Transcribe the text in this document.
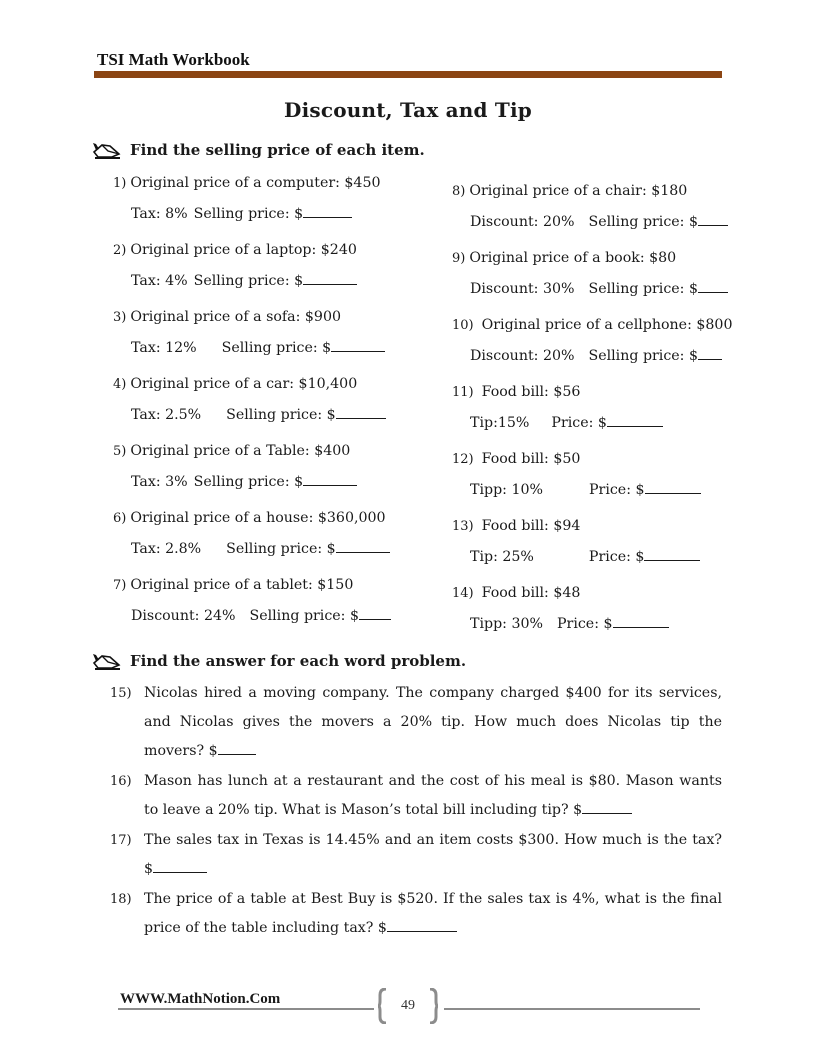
TSI Math Workbook
Discount, Tax and Tip
Find the selling price of each item.
1) Original price of a computer: $450
Tax: 8% Selling price: $
2) Original price of a laptop: $240
Tax: 4% Selling price: $
3) Original price of a sofa: $900
Tax: 12% Selling price: $
4) Original price of a car: $10,400
Tax: 2.5% Selling price: $
5) Original price of a Table: $400
Tax: 3% Selling price: $
6) Original price of a house: $360,000
Tax: 2.8% Selling price: $
7) Original price of a tablet: $150
Discount: 24% Selling price: $
8) Original price of a chair: $180
Discount: 20% Selling price: $
9) Original price of a book: $80
Discount: 30% Selling price: $
10) Original price of a cellphone: $800
Discount: 20% Selling price: $
11) Food bill: $56
Tip:15% Price: $
12) Food bill: $50
Tipp: 10%	Price: $
13) Food bill: $94
Tip: 25%	Price: $
14) Food bill: $48
Tipp: 30% Price: $
Find the answer for each word problem.
15) Nicolas hired a moving company. The company charged $400 for its services, and Nicolas gives the movers a 20% tip. How much does Nicolas tip the movers? $
16) Mason has lunch at a restaurant and the cost of his meal is $80. Mason wants to leave a 20% tip. What is Mason’s total bill including tip? $
17) The sales tax in Texas is 14.45% and an item costs $300. How much is the tax? $
18) The price of a table at Best Buy is $520. If the sales tax is 4%, what is the final price of the table including tax? $
WWW.MathNotion.Com	49
